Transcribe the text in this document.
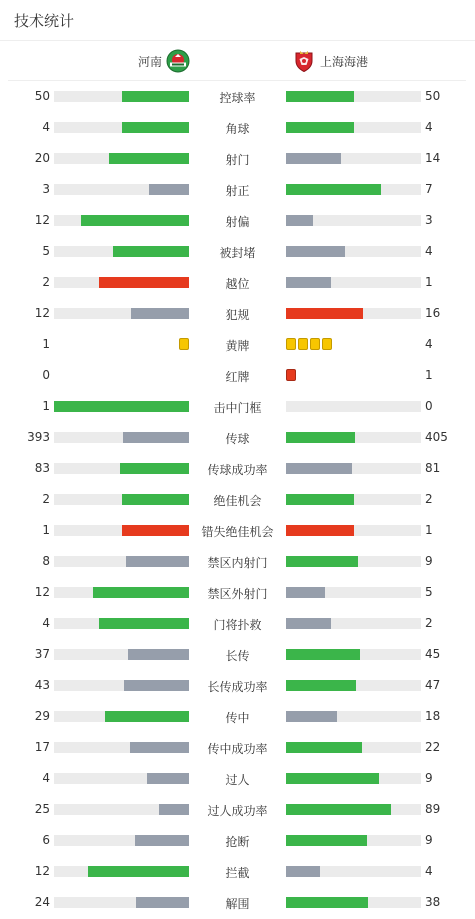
技术统计
河南	上海海港
50	控球率	50
4	角球	4
20	射门	14
3	射正	7
12	射偏	3
5	被封堵	4
2	越位	1
12	犯规	16
1	黄牌	4
0	红牌	1
1	击中门框	0
393	传球	405
83	传球成功率	81
2	绝佳机会	2
1	错失绝佳机会	1
8	禁区内射门	9
12	禁区外射门	5
4	门将扑救	2
37	长传	45
43	长传成功率	47
29	传中	18
17	传中成功率	22
4	过人	9
25	过人成功率	89
6	抢断	9
12	拦截	4
24	解围	38
